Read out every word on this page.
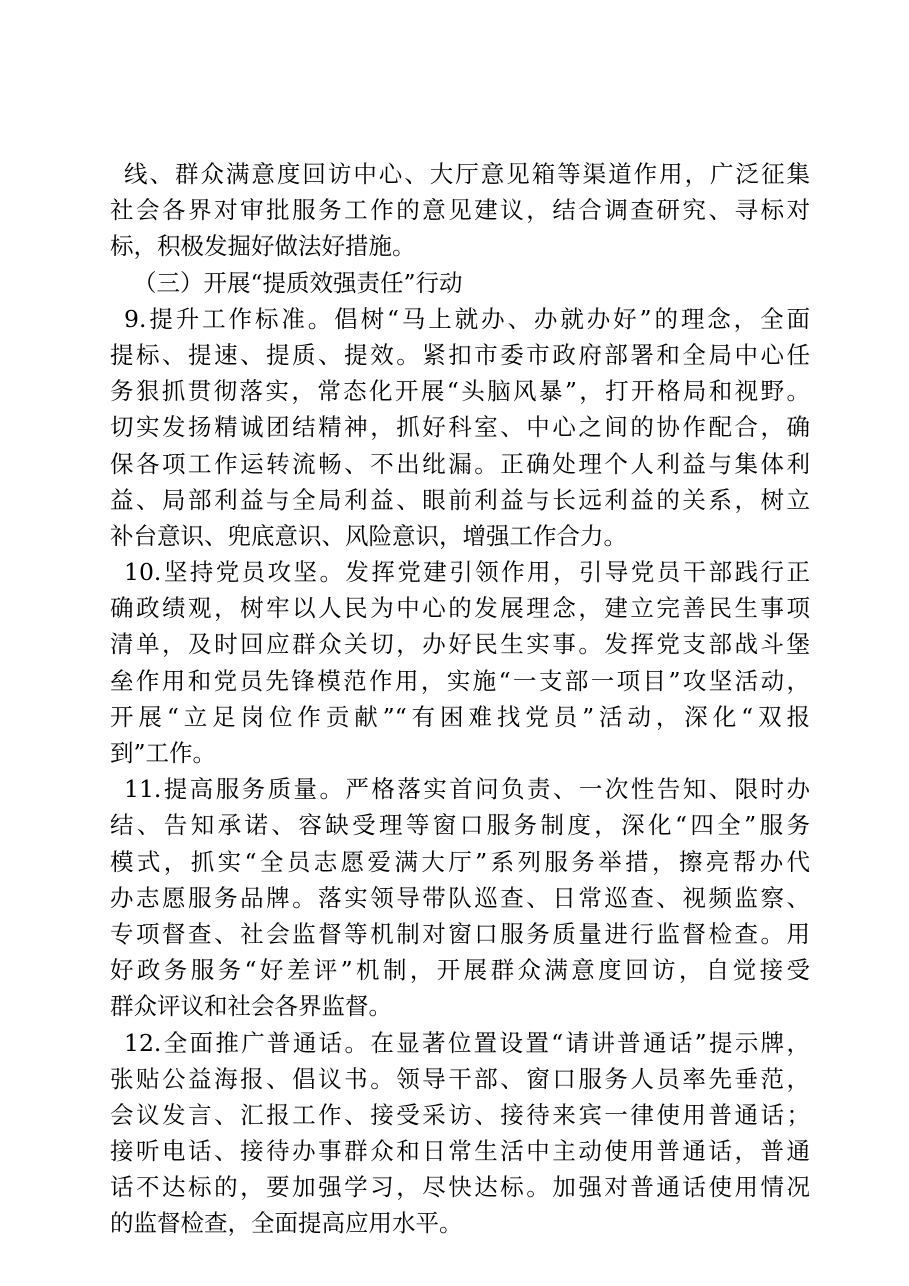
线、群众满意度回访中心、大厅意见箱等渠道作用，广泛征集
社会各界对审批服务工作的意见建议，结合调查研究、寻标对
标，积极发掘好做法好措施。
（三）开展“提质效强责任”行动
9.提升工作标准。倡树“马上就办、办就办好”的理念，全面
提标、提速、提质、提效。紧扣市委市政府部署和全局中心任
务狠抓贯彻落实，常态化开展“头脑风暴”，打开格局和视野。
切实发扬精诚团结精神，抓好科室、中心之间的协作配合，确
保各项工作运转流畅、不出纰漏。正确处理个人利益与集体利
益、局部利益与全局利益、眼前利益与长远利益的关系，树立
补台意识、兜底意识、风险意识，增强工作合力。
10.坚持党员攻坚。发挥党建引领作用，引导党员干部践行正
确政绩观，树牢以人民为中心的发展理念，建立完善民生事项
清单，及时回应群众关切，办好民生实事。发挥党支部战斗堡
垒作用和党员先锋模范作用，实施“一支部一项目”攻坚活动，
开展“立足岗位作贡献”“有困难找党员”活动，深化“双报
到”工作。
11.提高服务质量。严格落实首问负责、一次性告知、限时办
结、告知承诺、容缺受理等窗口服务制度，深化“四全”服务
模式，抓实“全员志愿爱满大厅”系列服务举措，擦亮帮办代
办志愿服务品牌。落实领导带队巡查、日常巡查、视频监察、
专项督查、社会监督等机制对窗口服务质量进行监督检查。用
好政务服务“好差评”机制，开展群众满意度回访，自觉接受
群众评议和社会各界监督。
12.全面推广普通话。在显著位置设置“请讲普通话”提示牌，
张贴公益海报、倡议书。领导干部、窗口服务人员率先垂范，
会议发言、汇报工作、接受采访、接待来宾一律使用普通话；
接听电话、接待办事群众和日常生活中主动使用普通话，普通
话不达标的，要加强学习，尽快达标。加强对普通话使用情况
的监督检查，全面提高应用水平。
